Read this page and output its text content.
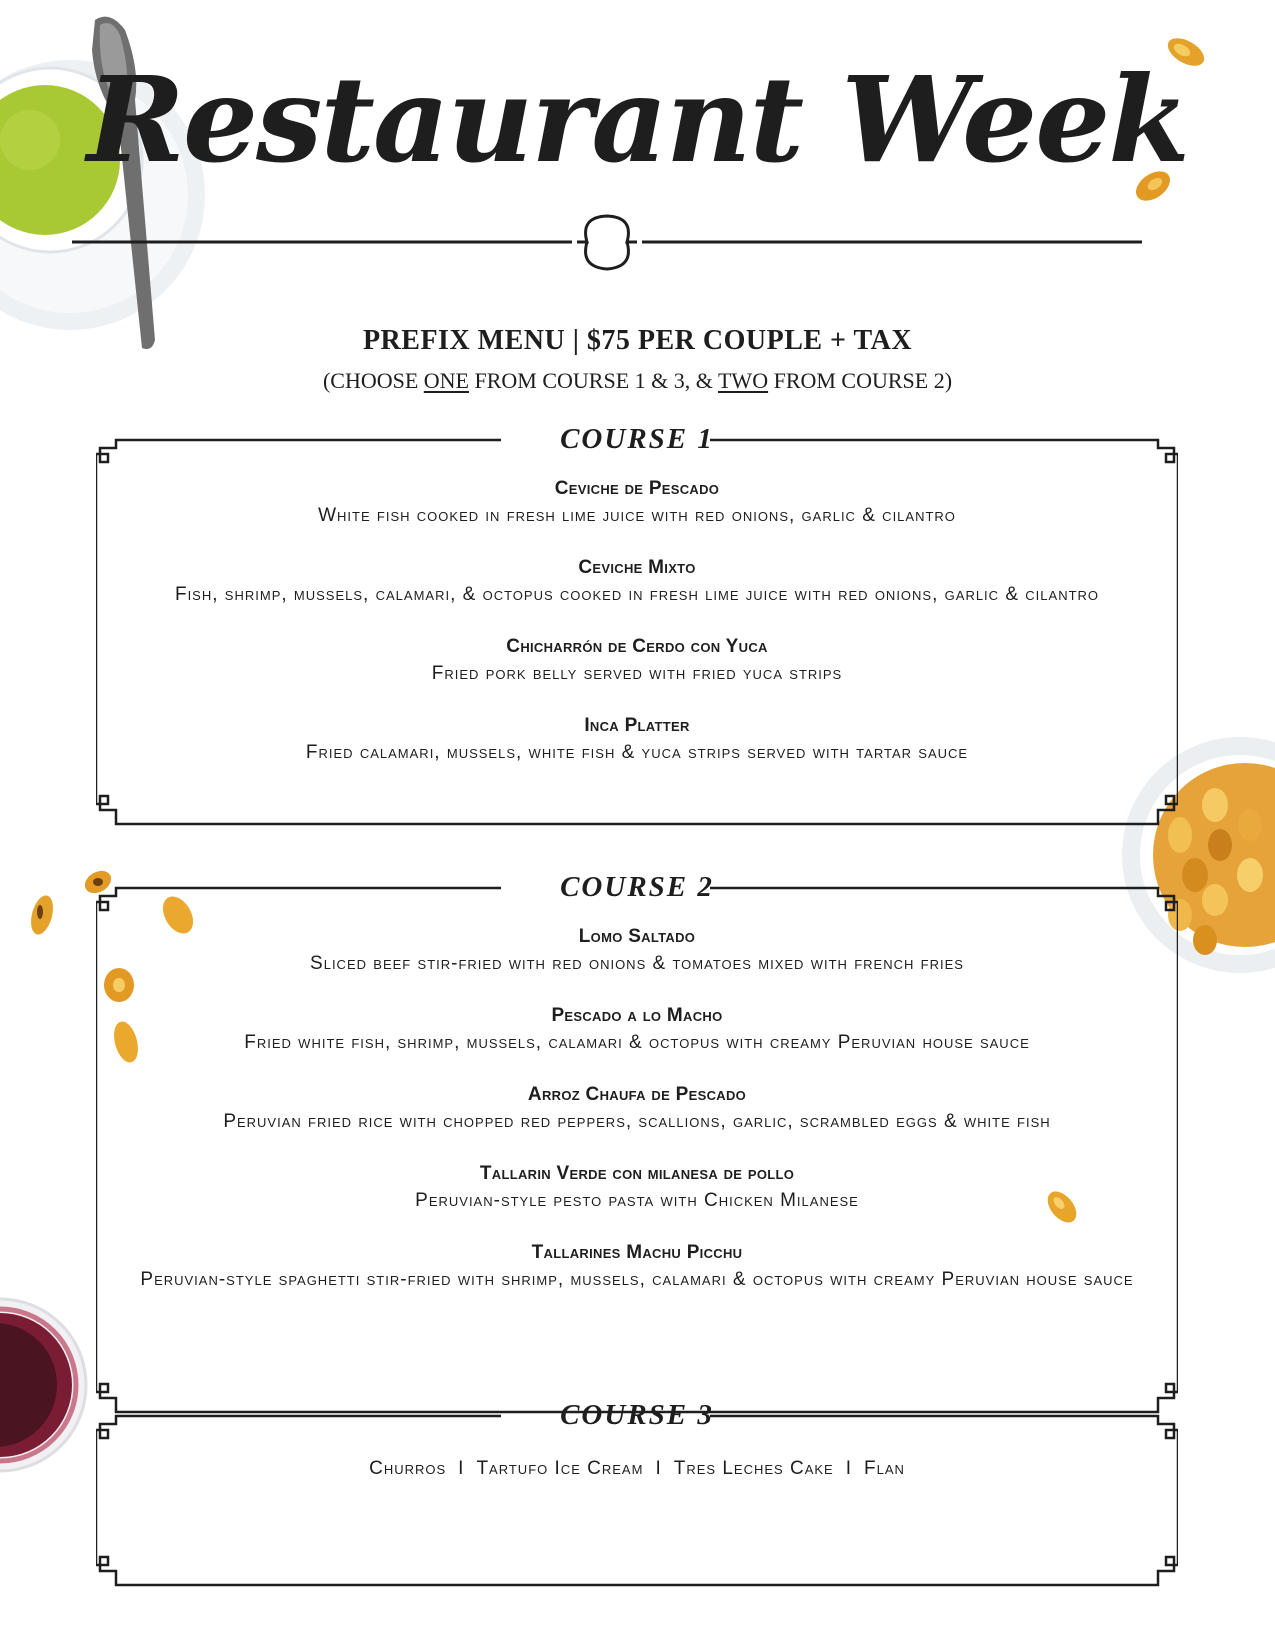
Restaurant Week
PREFIX MENU | $75 PER COUPLE + TAX
(CHOOSE ONE FROM COURSE 1 & 3, & TWO FROM COURSE 2)
COURSE 1
Ceviche de Pescado
White fish cooked in fresh lime juice with red onions, garlic & cilantro
Ceviche Mixto
Fish, shrimp, mussels, calamari, & octopus cooked in fresh lime juice with red onions, garlic & cilantro
Chicharrón de Cerdo con Yuca
Fried pork belly served with fried yuca strips
Inca Platter
Fried calamari, mussels, white fish & yuca strips served with tartar sauce
COURSE 2
Lomo Saltado
Sliced beef stir-fried with red onions & tomatoes mixed with french fries
Pescado a lo Macho
Fried white fish, shrimp, mussels, calamari & octopus with creamy Peruvian house sauce
Arroz Chaufa de Pescado
Peruvian fried rice with chopped red peppers, scallions, garlic, scrambled eggs & white fish
Tallarin Verde con milanesa de pollo
Peruvian-style pesto pasta with Chicken Milanese
Tallarines Machu Picchu
Peruvian-style spaghetti stir-fried with shrimp, mussels, calamari & octopus with creamy Peruvian house sauce
COURSE 3
Churros I Tartufo Ice Cream I Tres Leches Cake I Flan
